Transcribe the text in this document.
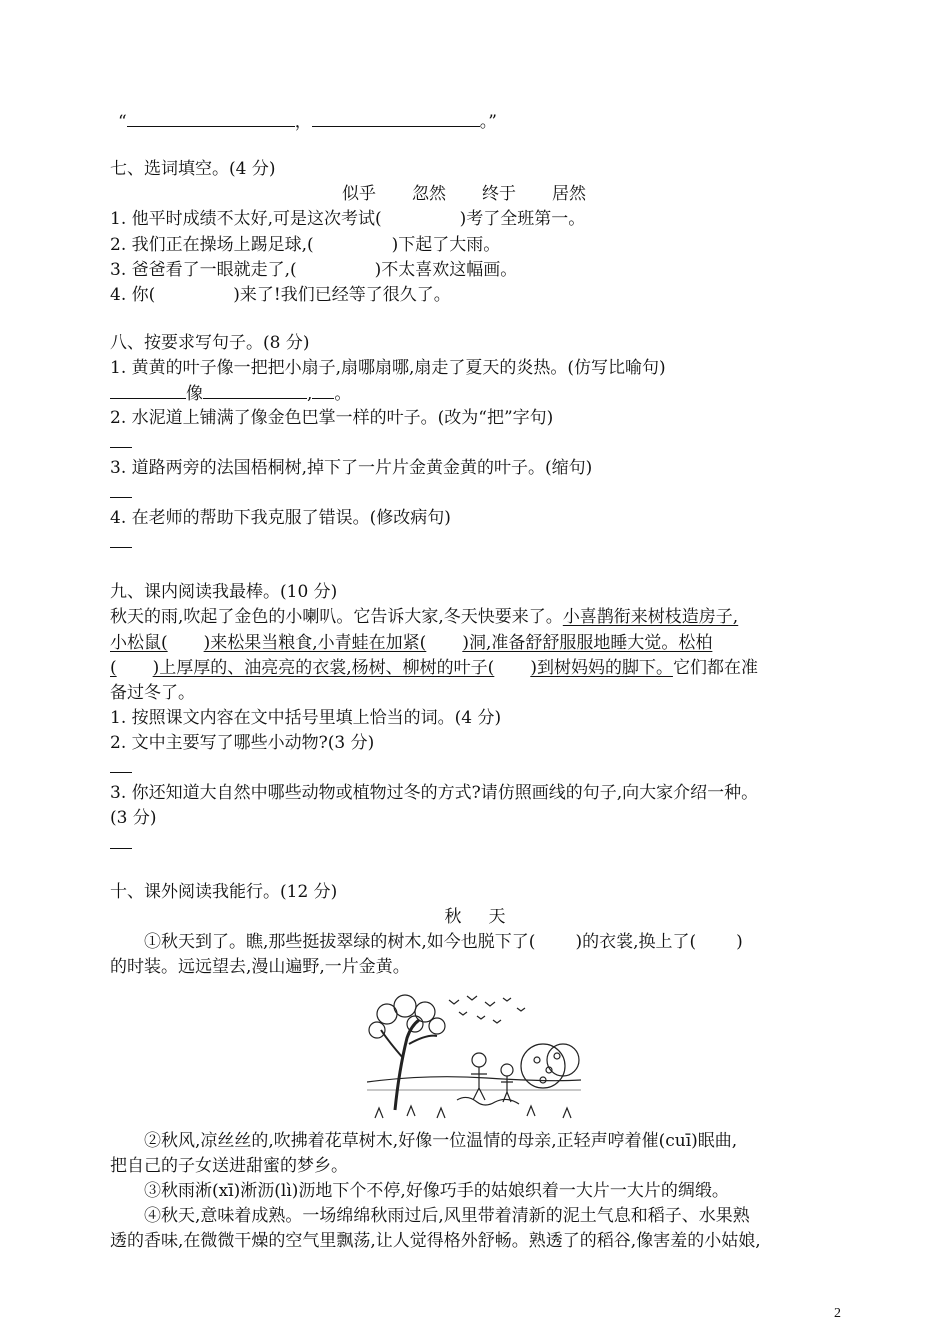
“	，	。”
七、选词填空。(4 分)
似乎 忽然 终于 居然
1. 他平时成绩不太好,可是这次考试(	)考了全班第一。
2. 我们正在操场上踢足球,(	)下起了大雨。
3. 爸爸看了一眼就走了,(	)不太喜欢这幅画。
4. 你(	)来了!我们已经等了很久了。
八、按要求写句子。(8 分)
1. 黄黄的叶子像一把把小扇子,扇哪扇哪,扇走了夏天的炎热。(仿写比喻句)
像	, 。
2. 水泥道上铺满了像金色巴掌一样的叶子。(改为“把”字句)
3. 道路两旁的法国梧桐树,掉下了一片片金黄金黄的叶子。(缩句)
4. 在老师的帮助下我克服了错误。(修改病句)
九、课内阅读我最棒。(10 分)
秋天的雨,吹起了金色的小喇叭。它告诉大家,冬天快要来了。小喜鹊衔来树枝造房子,
小松鼠( )来松果当粮食,小青蛙在加紧( )洞,准备舒舒服服地睡大觉。松柏
( )上厚厚的、油亮亮的衣裳,杨树、柳树的叶子( )到树妈妈的脚下。它们都在准
备过冬了。
1. 按照课文内容在文中括号里填上恰当的词。(4 分)
2. 文中主要写了哪些小动物?(3 分)
3. 你还知道大自然中哪些动物或植物过冬的方式?请仿照画线的句子,向大家介绍一种。
(3 分)
十、课外阅读我能行。(12 分)
秋     天
①秋天到了。瞧,那些挺拔翠绿的树木,如今也脱下了( )的衣裳,换上了( )
的时装。远远望去,漫山遍野,一片金黄。
②秋风,凉丝丝的,吹拂着花草树木,好像一位温情的母亲,正轻声哼着催(cuī)眠曲,
把自己的子女送进甜蜜的梦乡。
③秋雨淅(xī)淅沥(lì)沥地下个不停,好像巧手的姑娘织着一大片一大片的绸缎。
④秋天,意味着成熟。一场绵绵秋雨过后,风里带着清新的泥土气息和稻子、水果熟
透的香味,在微微干燥的空气里飘荡,让人觉得格外舒畅。熟透了的稻谷,像害羞的小姑娘,
2
